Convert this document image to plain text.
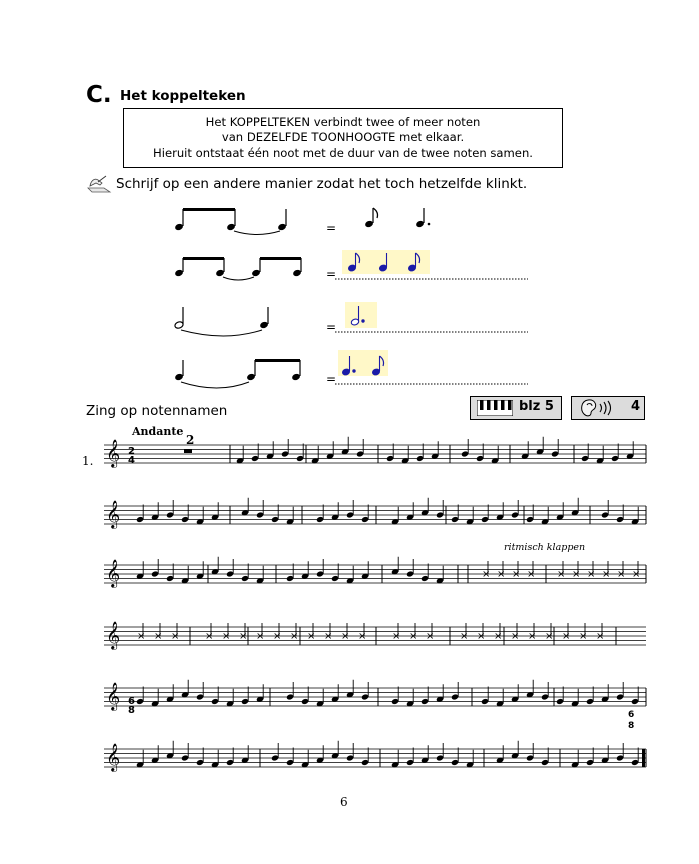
C. Het koppelteken
Het KOPPELTEKEN verbindt twee of meer noten
van DEZELFDE TOONHOOGTE met elkaar.
Hieruit ontstaat één noot met de duur van de twee noten samen.
Schrijf op een andere manier zodat het toch hetzelfde klinkt.
=
=
=
=
Zing op notennamen	blz 5	4
Andante
1.
2
ritmisch klappen
6
8
𝄞
𝄞
𝄞	× × × × × × × × × ×
𝄞 × × ×	× × × × × × × × × ×	× × ×	× × × × × × × × ×
𝄞
𝄞
2
4
6
8
6
